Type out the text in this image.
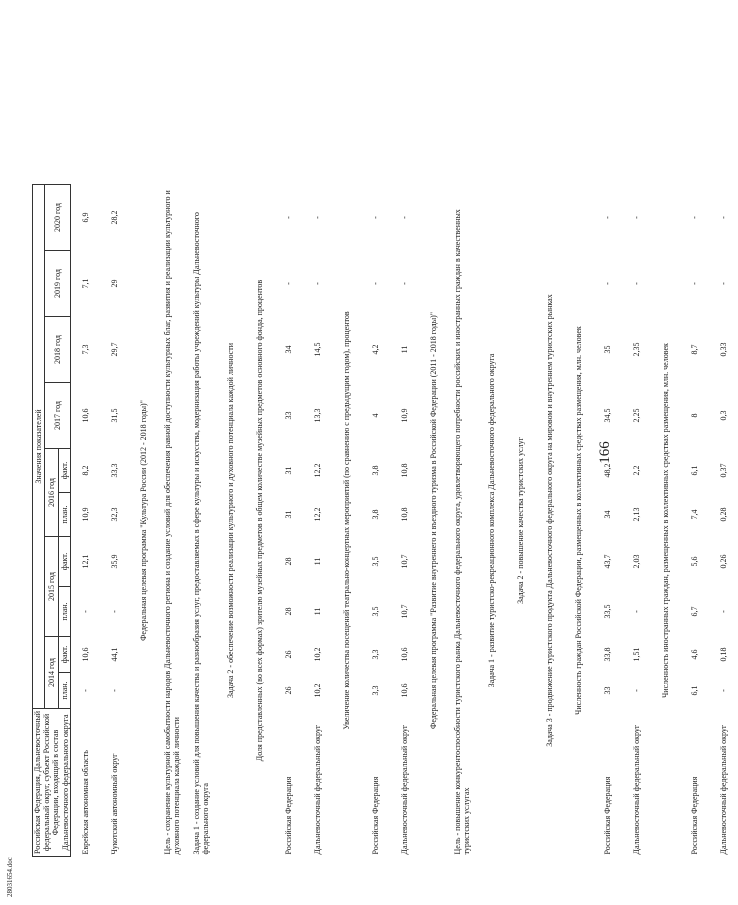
Российская Федерация, Дальневосточный федеральный округ, субъект Российской Федерации, входящий в состав Дальневосточного федерального округа	Значения показателей									
	2014 год		2015 год		2016 год		2017 год	2018 год	2019 год	2020 год
	план.	факт.	план.	факт.	план.	факт.				
Еврейская автономная область	-	10,6	-	12,1	10,9	8,2	10,6	7,3	7,1	6,9
Чукотский автономный округ	-	44,1	-	35,9	32,3	33,3	31,5	29,7	29	28,2
Федеральная целевая программа "Культура России (2012 - 2018 годы)"										
Цель - сохранение культурной самобытности народов Дальневосточного региона и создание условий для обеспечения равной доступности культурных благ, развития и реализации культурного и духовного потенциала каждой личности										
Задача 1 - создание условий для повышения качества и разнообразия услуг, предоставляемых в сфере культуры и искусства, модернизация работы учреждений культуры Дальневосточного федерального округа										
Задача 2 - обеспечение возможности реализации культурного и духовного потенциала каждой личности										
Доля представленных (во всех формах) зрителю музейных предметов в общем количестве музейных предметов основного фонда, процентов										
Российская Федерация	26	26	28	28	31	31	33	34	-	-
Дальневосточный федеральный округ	10,2	10,2	11	11	12,2	12,2	13,3	14,5	-	-
Увеличение количества посещений театрально-концертных мероприятий (по сравнению с предыдущим годом), процентов										
Российская Федерация	3,3	3,3	3,5	3,5	3,8	3,8	4	4,2	-	-
Дальневосточный федеральный округ	10,6	10,6	10,7	10,7	10,8	10,8	10,9	11	-	-
Федеральная целевая программа "Развитие внутреннего и въездного туризма в Российской Федерации (2011 - 2018 годы)"										
Цель - повышение конкурентоспособности туристского рынка Дальневосточного федерального округа, удовлетворяющего потребности российских и иностранных граждан в качественных туристских услугах										
Задача 1 - развитие туристско-рекреационного комплекса Дальневосточного федерального округа										
Задача 2 - повышение качества туристских услуг										
Задача 3 - продвижение туристского продукта Дальневосточного федерального округа на мировом и внутреннем туристских рынках										
Численность граждан Российской Федерации, размещенных в коллективных средствах размещения, млн. человек										
Российская Федерация	33	33,8	33,5	43,7	34	48,2	34,5	35	-	-
Дальневосточный федеральный округ	-	1,51	-	2,03	2,13	2,2	2,25	2,35	-	-
Численность иностранных граждан, размещенных в коллективных средствах размещения, млн. человек										
Российская Федерация	6,1	4,6	6,7	5,6	7,4	6,1	8	8,7	-	-
Дальневосточный федеральный округ	-	0,18	-	0,26	0,28	0,37	0,3	0,33	-	-
166
28031654.doc
